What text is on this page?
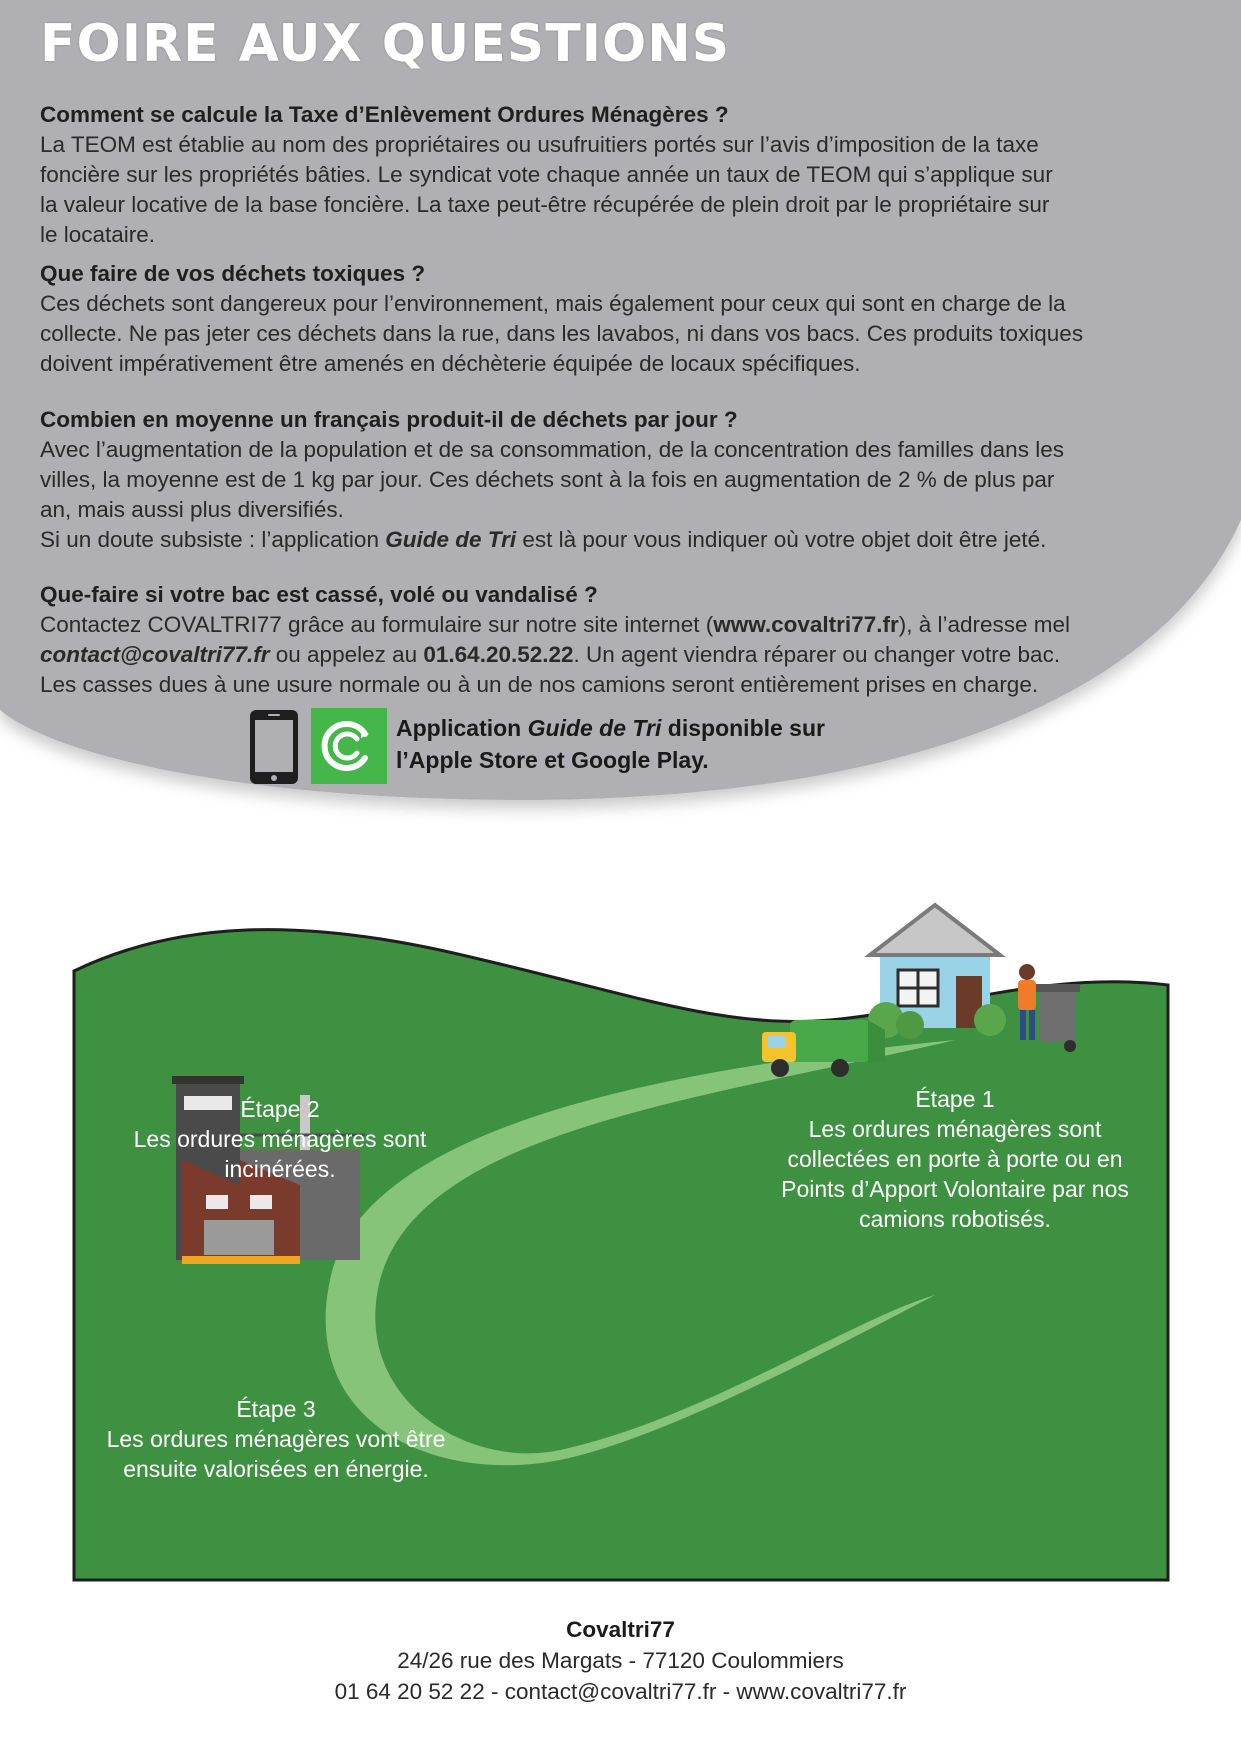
FOIRE AUX QUESTIONS

Comment se calcule la Taxe d’Enlèvement Ordures Ménagères ?

La TEOM est établie au nom des propriétaires ou usufruitiers portés sur l’avis d’imposition de la taxe

foncière sur les propriétés bâties. Le syndicat vote chaque année un taux de TEOM qui s’applique sur

la valeur locative de la base foncière. La taxe peut-être récupérée de plein droit par le propriétaire sur

le locataire.

Que faire de vos déchets toxiques ?

Ces déchets sont dangereux pour l’environnement, mais également pour ceux qui sont en charge de la

collecte. Ne pas jeter ces déchets dans la rue, dans les lavabos, ni dans vos bacs. Ces produits toxiques

doivent impérativement être amenés en déchèterie équipée de locaux spécifiques.

Combien en moyenne un français produit-il de déchets par jour ?

Avec l’augmentation de la population et de sa consommation, de la concentration des familles dans les

villes, la moyenne est de 1 kg par jour. Ces déchets sont à la fois en augmentation de 2 % de plus par

an, mais aussi plus diversifiés.

Si un doute subsiste : l’application Guide de Tri est là pour vous indiquer où votre objet doit être jeté.

Que-faire si votre bac est cassé, volé ou vandalisé ?

Contactez COVALTRI77 grâce au formulaire sur notre site internet (www.covaltri77.fr), à l’adresse mel

contact@covaltri77.fr ou appelez au 01.64.20.52.22. Un agent viendra réparer ou changer votre bac.

Les casses dues à une usure normale ou à un de nos camions seront entièrement prises en charge.

Application Guide de Tri disponible sur
l’Apple Store et Google Play.
Étape 2
Les ordures ménagères sont
incinérées.
Étape 1
Les ordures ménagères sont
collectées en porte à porte ou en
Points d’Apport Volontaire par nos
camions robotisés.
Étape 3
Les ordures ménagères vont être
ensuite valorisées en énergie.
Covaltri77
24/26 rue des Margats - 77120 Coulommiers
01 64 20 52 22 - contact@covaltri77.fr - www.covaltri77.fr
